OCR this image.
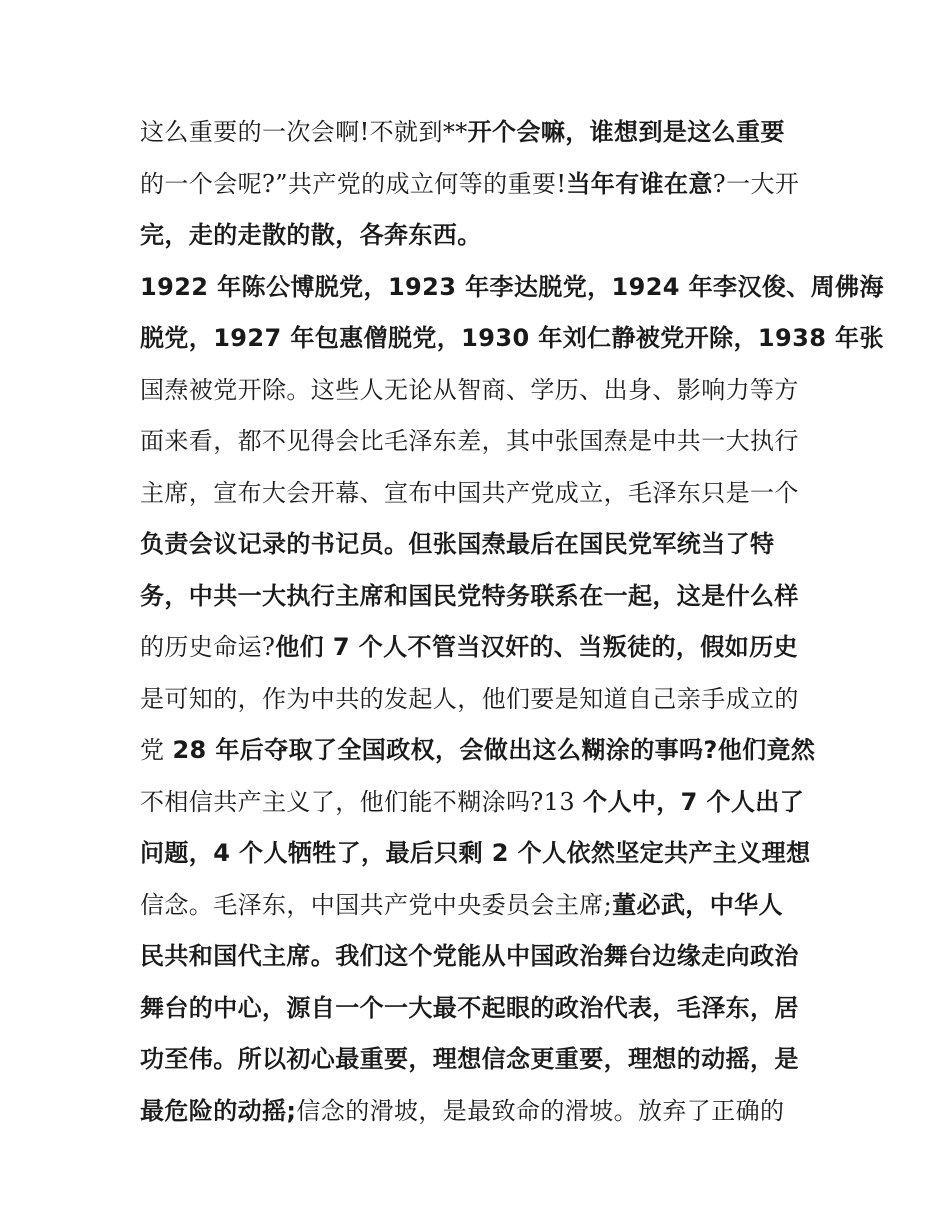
这么重要的一次会啊!不就到**开个会嘛，谁想到是这么重要
的一个会呢?”共产党的成立何等的重要!当年有谁在意?一大开
完，走的走散的散，各奔东西。
1922 年陈公博脱党，1923 年李达脱党，1924 年李汉俊、周佛海
脱党，1927 年包惠僧脱党，1930 年刘仁静被党开除，1938 年张
国焘被党开除。这些人无论从智商、学历、出身、影响力等方
面来看，都不见得会比毛泽东差，其中张国焘是中共一大执行
主席，宣布大会开幕、宣布中国共产党成立，毛泽东只是一个
负责会议记录的书记员。但张国焘最后在国民党军统当了特
务，中共一大执行主席和国民党特务联系在一起，这是什么样
的历史命运?他们 7 个人不管当汉奸的、当叛徒的，假如历史
是可知的，作为中共的发起人，他们要是知道自己亲手成立的
党 28 年后夺取了全国政权，会做出这么糊涂的事吗?他们竟然
不相信共产主义了，他们能不糊涂吗?13 个人中，7 个人出了
问题，4 个人牺牲了，最后只剩 2 个人依然坚定共产主义理想
信念。毛泽东，中国共产党中央委员会主席;董必武，中华人
民共和国代主席。我们这个党能从中国政治舞台边缘走向政治
舞台的中心，源自一个一大最不起眼的政治代表，毛泽东，居
功至伟。所以初心最重要，理想信念更重要，理想的动摇，是
最危险的动摇;信念的滑坡，是最致命的滑坡。放弃了正确的
